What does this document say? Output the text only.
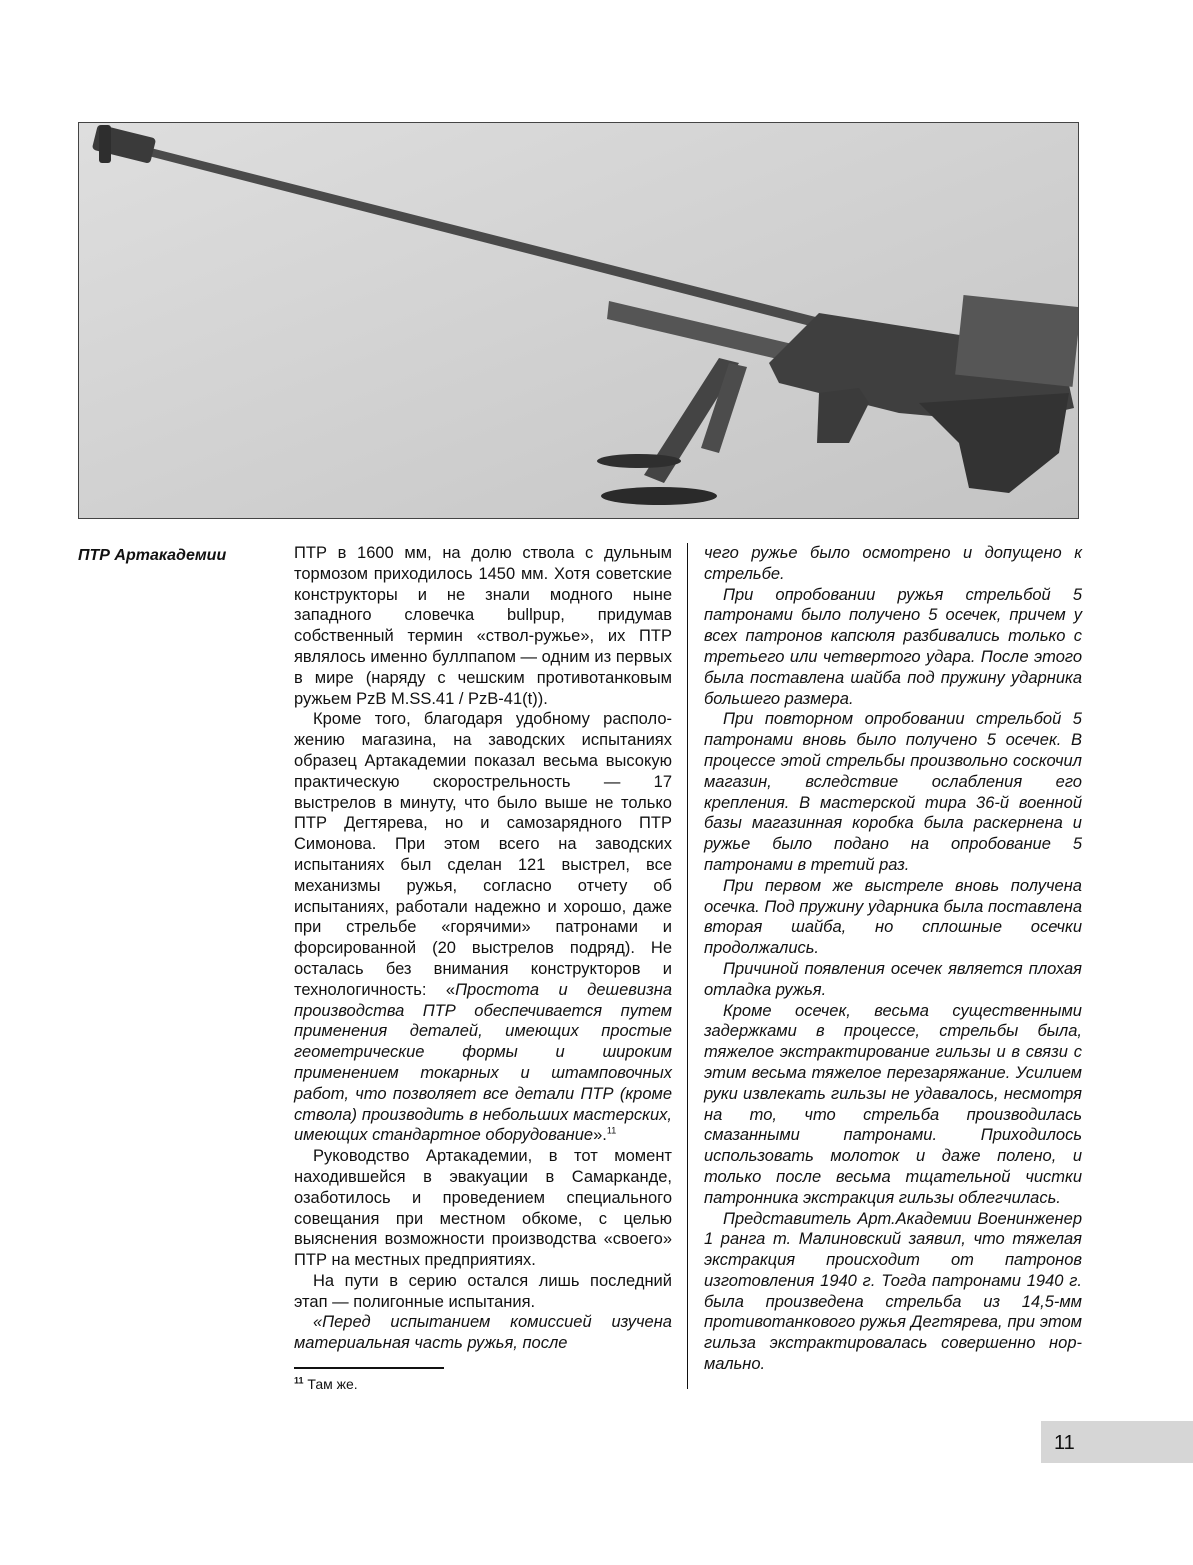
ПТР Артакадемии	ПТР в 1600 мм, на долю ствола с дульным тормозом приходилось 1450 мм. Хотя советские конструкторы и не знали модного ныне западного словечка bullpup, придумав собственный термин «ствол-ружье», их ПТР являлось именно буллпапом — одним из первых в мире (наряду с чешским противотанковым ружьем PzB M.SS.41 / PzB-41(t)).

Кроме того, благодаря удобному расположению магазина, на заводских испытаниях образец Артакадемии показал весьма высокую практическую скорострельность — 17 выстрелов в минуту, что было выше не только ПТР Дегтярева, но и самозарядного ПТР Симонова. При этом всего на заводских испытаниях был сделан 121 выстрел, все механизмы ружья, согласно отчету об испытаниях, работали надежно и хорошо, даже при стрельбе «горячими» патронами и форсированной (20 выстрелов подряд). Не осталась без внимания конструкторов и технологичность: «Простота и дешевизна производства ПТР обеспечивается путем применения деталей, имеющих простые геометрические формы и широким применением токарных и штамповочных работ, что позволяет все детали ПТР (кроме ствола) производить в небольших мастерских, имеющих стандартное оборудование».$^{11}$

Руководство Артакадемии, в тот момент находившейся в эвакуации в Самарканде, озаботилось и проведением специального совещания при местном обкоме, с целью выяснения возможности производства «своего» ПТР на местных предприятиях.

На пути в серию остался лишь последний этап — полигонные испытания.

«Перед испытанием комиссией изучена материальная часть ружья, после

чего ружье было осмотрено и допущено к стрельбе.

При опробовании ружья стрельбой 5 патронами было получено 5 осечек, причем у всех патронов капсюля разбивались только с третьего или четвертого удара. После этого была поставлена шайба под пружину ударника большего размера.

При повторном опробовании стрельбой 5 патронами вновь было получено 5 осечек. В процессе этой стрельбы произвольно соскочил магазин, вследствие ослабления его крепления. В мастерской тира 36-й военной базы магазинная коробка была раскернена и ружье было подано на опробование 5 патронами в третий раз.

При первом же выстреле вновь получена осечка. Под пружину ударника была поставлена вторая шайба, но сплошные осечки продолжались.

Причиной появления осечек является плохая отладка ружья.

Кроме осечек, весьма существенными задержками в процессе, стрельбы была, тяжелое экстрактирование гильзы и в связи с этим весьма тяжелое перезаряжание. Усилием руки извлекать гильзы не удавалось, несмотря на то, что стрельба производилась смазанными патронами. Приходилось использовать молоток и даже полено, и только после весьма тщательной чистки патронника экстракция гильзы облегчилась.

Представитель Арт.Академии Военинженер 1 ранга т. Малиновский заявил, что тяжелая экстракция происходит от патронов изготовления 1940 г. Тогда патронами 1940 г. была произведена стрельба из 14,5-мм противотанкового ружья Дегтярева, при этом гильза экстрактировалась совершенно нормально.

$^{11}$ Там же.
11
